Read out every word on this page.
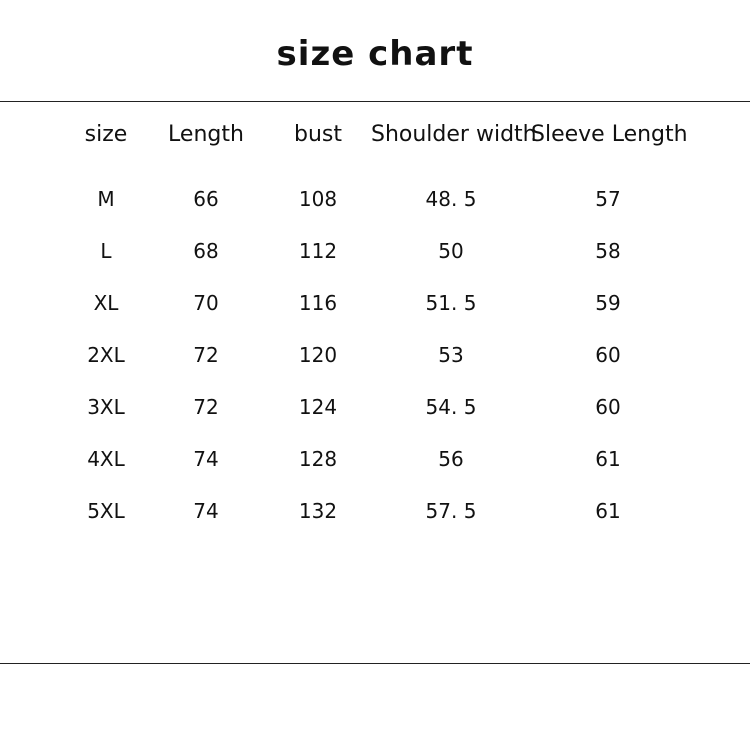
size chart
size	Length	bust	Shoulder width	Sleeve Length
M	66	108	48. 5	57
L	68	112	50	58
XL	70	116	51. 5	59
2XL	72	120	53	60
3XL	72	124	54. 5	60
4XL	74	128	56	61
5XL	74	132	57. 5	61
